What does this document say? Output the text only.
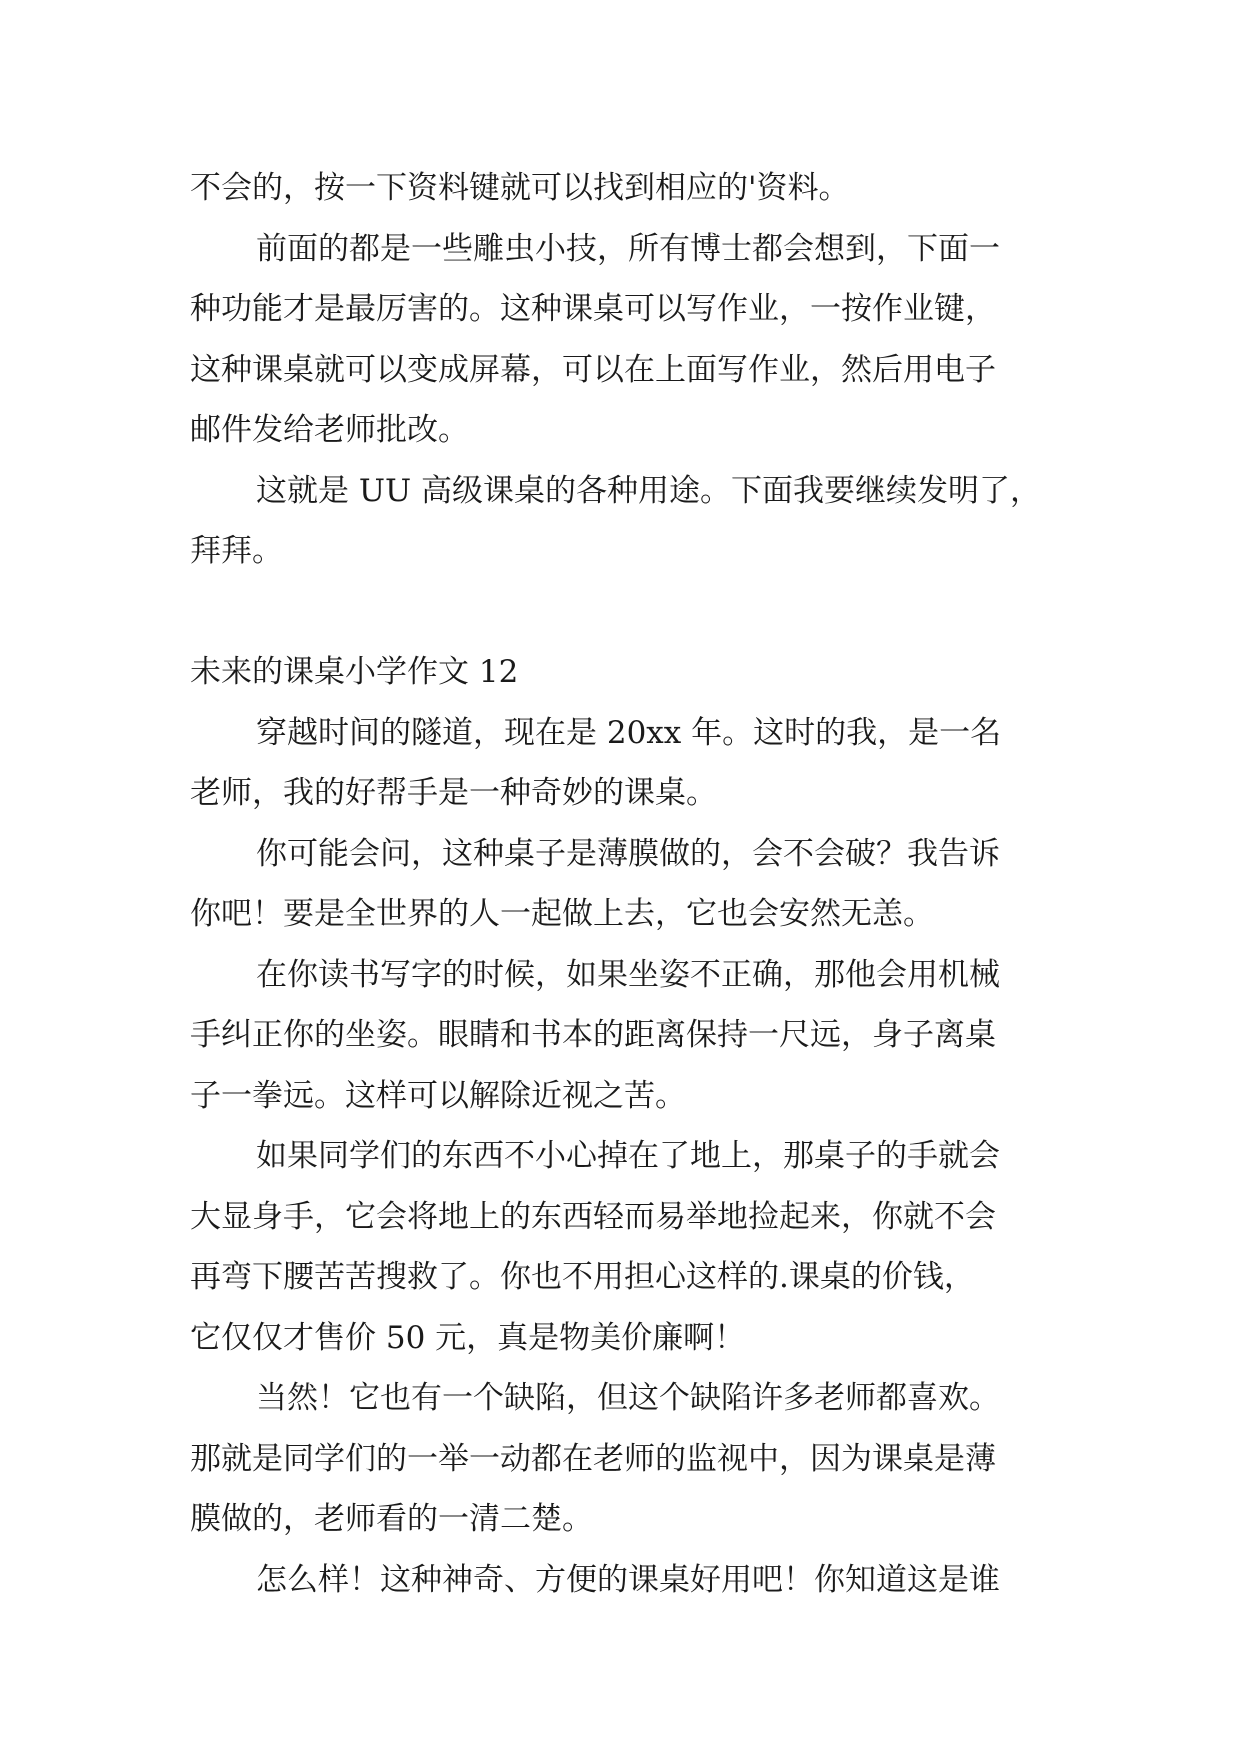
不会的，按一下资料键就可以找到相应的'资料。
前面的都是一些雕虫小技，所有博士都会想到，下面一
种功能才是最厉害的。这种课桌可以写作业，一按作业键，
这种课桌就可以变成屏幕，可以在上面写作业，然后用电子
邮件发给老师批改。
这就是 UU 高级课桌的各种用途。下面我要继续发明了，
拜拜。
未来的课桌小学作文 12
穿越时间的隧道，现在是 20xx 年。这时的我，是一名
老师，我的好帮手是一种奇妙的课桌。
你可能会问，这种桌子是薄膜做的，会不会破？我告诉
你吧！要是全世界的人一起做上去，它也会安然无恙。
在你读书写字的时候，如果坐姿不正确，那他会用机械
手纠正你的坐姿。眼睛和书本的距离保持一尺远，身子离桌
子一拳远。这样可以解除近视之苦。
如果同学们的东西不小心掉在了地上，那桌子的手就会
大显身手，它会将地上的东西轻而易举地捡起来，你就不会
再弯下腰苦苦搜救了。你也不用担心这样的.课桌的价钱，
它仅仅才售价 50 元，真是物美价廉啊！
当然！它也有一个缺陷，但这个缺陷许多老师都喜欢。
那就是同学们的一举一动都在老师的监视中，因为课桌是薄
膜做的，老师看的一清二楚。
怎么样！这种神奇、方便的课桌好用吧！你知道这是谁
